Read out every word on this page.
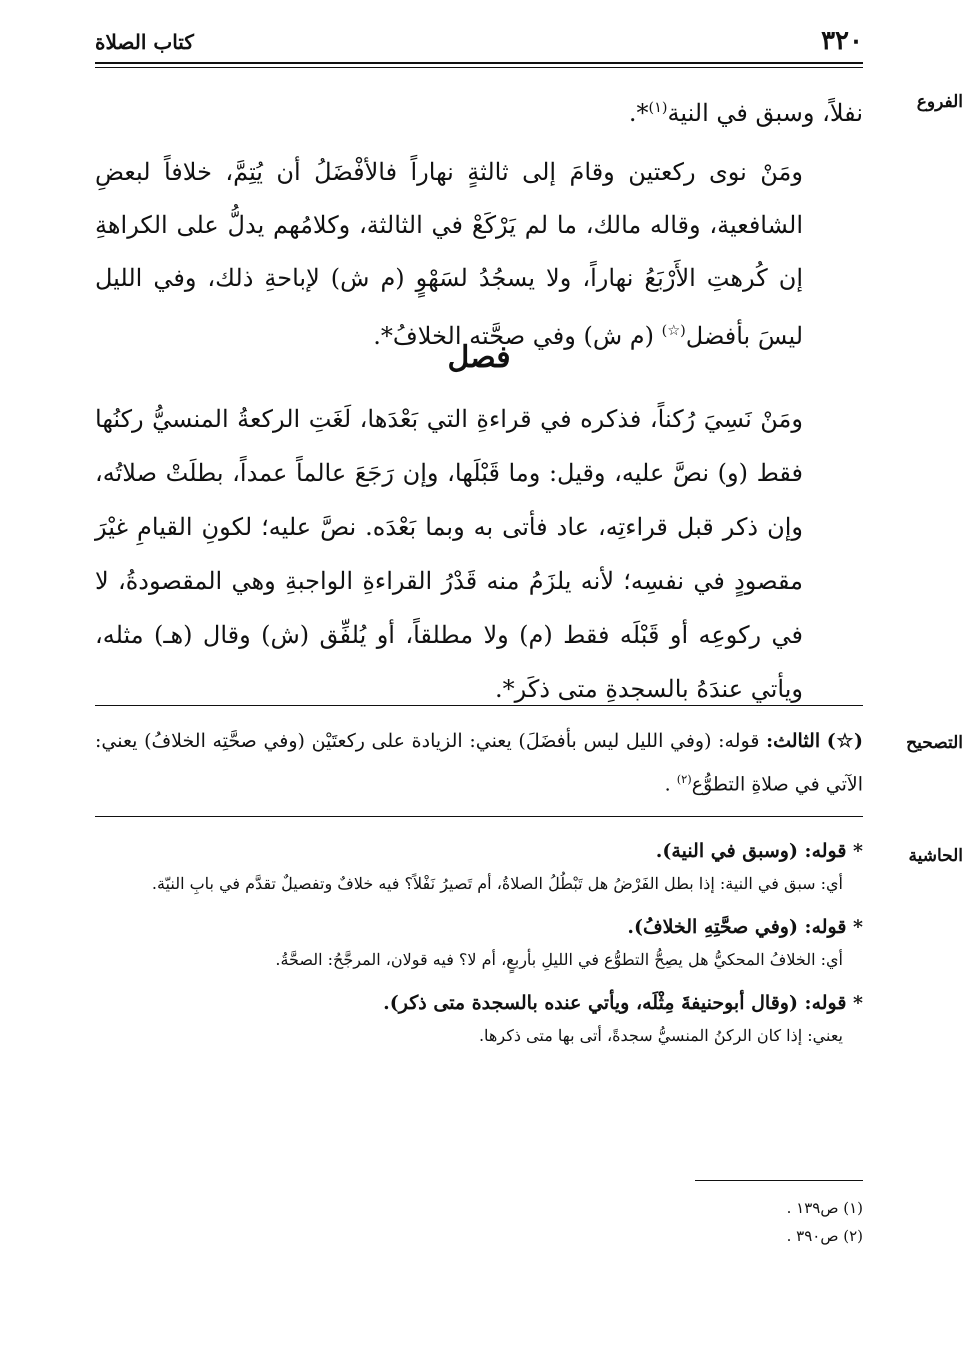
٣٢٠
كتاب الصلاة
الفروع
نفلاً، وسبق في النية$^{(١)}$*.

ومَنْ نوى ركعتين وقامَ إلى ثالثةٍ نهاراً فالأفْضَلُ أن يُتِمَّ، خلافاً لبعضِ الشافعية، وقاله مالك، ما لم يَرْكَعْ في الثالثة، وكلامُهم يدلُّ على الكراهةِ إن كُرهتِ الأَرْبَعُ نهاراً، ولا يسجُدُ لسَهْوٍ (م ش) لإباحةِ ذلك، وفي الليل ليسَ بأفضل(☆) (م ش) وفي صحَّته الخلافُ*.

فصل

ومَنْ نَسِيَ رُكناً، فذكره في قراءةِ التي بَعْدَها، لَغَتِ الركعةُ المنسيُّ ركنُها فقط (و) نصَّ عليه، وقيل: وما قَبْلَها، وإن رَجَعَ عالماً عمداً، بطلَتْ صلاتُه، وإن ذكر قبل قراءتِه، عاد فأتى به وبما بَعْدَه. نصَّ عليه؛ لكونِ القيامِ غيْرَ مقصودٍ في نفسِه؛ لأنه يلزَمُ منه قَدْرُ القراءةِ الواجبةِ وهي المقصودةُ، لا في ركوعِه أو قَبْلَه فقط (م) ولا مطلقاً، أو يُلفِّق (ش) وقال (هـ) مثله، ويأتي عندَهُ بالسجدةِ متى ذكَر*.

التصحيح

(☆) الثالث: قوله: (وفي الليل ليس بأفضَلَ) يعني: الزيادة على ركعتَيْن (وفي صحَّتِه الخلافُ) يعني: الآتي في صلاةِ التطوُّع$^{(٢)}$ .

الحاشية

* قوله: (وسبق في النية).

أي: سبق في النية: إذا بطل الفَرْضُ هل تَبْطُلُ الصلاةُ، أم تَصيرُ نَفْلاً؟ فيه خلافٌ وتفصيلٌ تقدَّم في بابِ النيّة.

* قوله: (وفي صحَّتِهِ الخلافُ).

أي: الخلافُ المحكيُّ هل يصِحُّ التطوُّع في الليلِ بأربعٍ، أم لا؟ فيه قولان، المرجَّحُ: الصحَّةُ.

* قوله: (وقال أبوحنيفةَ مِثْلَه، ويأتي عنده بالسجدة متى ذكر).

يعني: إذا كان الركنُ المنسيُّ سجدةً، أتى بها متى ذكرها.

(١) ص١٣٩ .
(٢) ص٣٩٠ .
